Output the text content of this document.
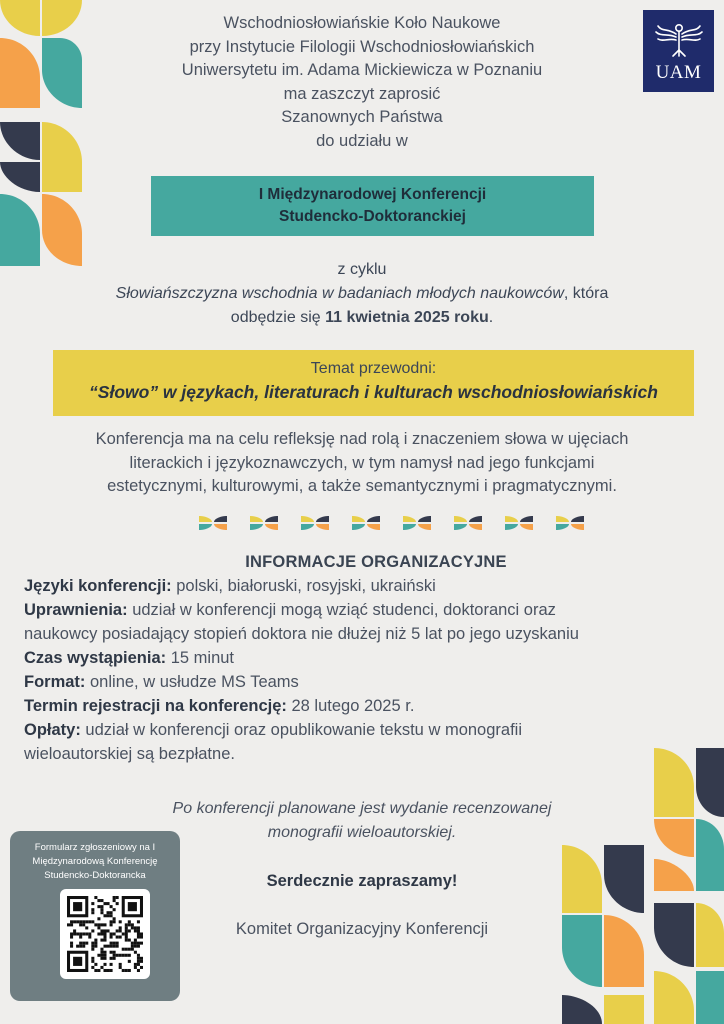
Wschodniosłowiańskie Koło Naukowe
przy Instytucie Filologii Wschodniosłowiańskich
Uniwersytetu im. Adama Mickiewicza w Poznaniu
ma zaszczyt zaprosić
Szanownych Państwa
do udziału w
UAM
I Międzynarodowej Konferencji
Studencko-Doktoranckiej
z cyklu
Słowiańszczyzna wschodnia w badaniach młodych naukowców, która
odbędzie się 11 kwietnia 2025 roku.
Temat przewodni:
“Słowo” w językach, literaturach i kulturach wschodniosłowiańskich
Konferencja ma na celu refleksję nad rolą i znaczeniem słowa w ujęciach
literackich i językoznawczych, w tym namysł nad jego funkcjami
estetycznymi, kulturowymi, a także semantycznymi i pragmatycznymi.
INFORMACJE ORGANIZACYJNE
Języki konferencji: polski, białoruski, rosyjski, ukraiński
Uprawnienia: udział w konferencji mogą wziąć studenci, doktoranci oraz
naukowcy posiadający stopień doktora nie dłużej niż 5 lat po jego uzyskaniu
Czas wystąpienia: 15 minut
Format: online, w usłudze MS Teams
Termin rejestracji na konferencję: 28 lutego 2025 r.
Opłaty: udział w konferencji oraz opublikowanie tekstu w monografii
wieloautorskiej są bezpłatne.
Po konferencji planowane jest wydanie recenzowanej
monografii wieloautorskiej.
Serdecznie zapraszamy!
Komitet Organizacyjny Konferencji
Formularz zgłoszeniowy na I
Międzynarodową Konferencję
Studencko-Doktorancka
